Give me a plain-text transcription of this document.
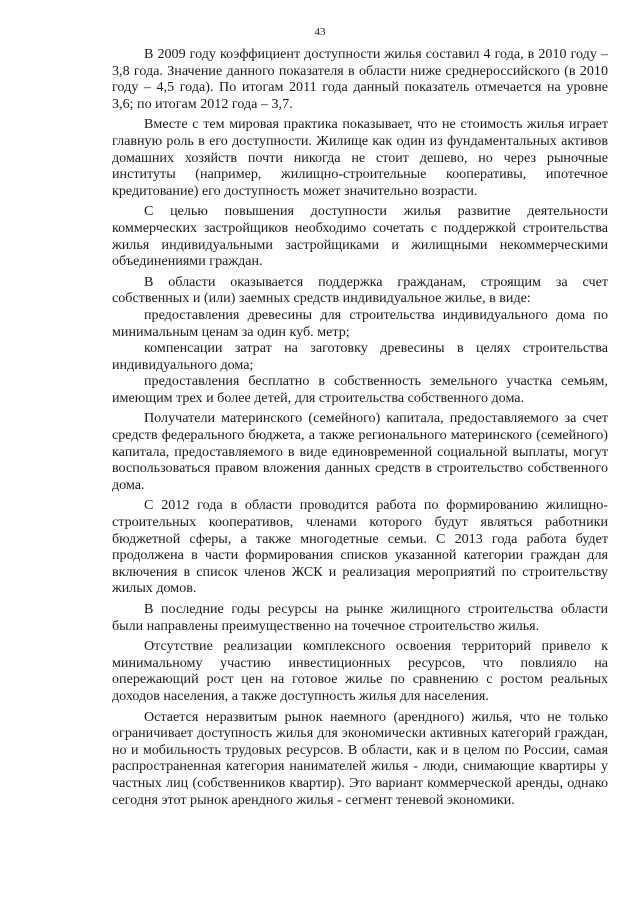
43

В 2009 году коэффициент доступности жилья составил 4 года, в 2010 году – 3,8 года. Значение данного показателя в области ниже среднероссийского (в 2010 году – 4,5 года). По итогам 2011 года данный показатель отмечается на уровне 3,6; по итогам 2012 года – 3,7.

Вместе с тем мировая практика показывает, что не стоимость жилья играет главную роль в его доступности. Жилище как один из фундаментальных активов домашних хозяйств почти никогда не стоит дешево, но через рыночные институты (например, жилищно-строительные кооперативы, ипотечное кредитование) его доступность может значительно возрасти.

С целью повышения доступности жилья развитие деятельности коммерческих застройщиков необходимо сочетать с поддержкой строительства жилья индивидуальными застройщиками и жилищными некоммерческими объединениями граждан.

В области оказывается поддержка гражданам, строящим за счет собственных и (или) заемных средств индивидуальное жилье, в виде:

предоставления древесины для строительства индивидуального дома по минимальным ценам за один куб. метр;

компенсации затрат на заготовку древесины в целях строительства индивидуального дома;

предоставления бесплатно в собственность земельного участка семьям, имеющим трех и более детей, для строительства собственного дома.

Получатели материнского (семейного) капитала, предоставляемого за счет средств федерального бюджета, а также регионального материнского (семейного) капитала, предоставляемого в виде единовременной социальной выплаты, могут воспользоваться правом вложения данных средств в строительство собственного дома.

С 2012 года в области проводится работа по формированию жилищно-строительных кооперативов, членами которого будут являться работники бюджетной сферы, а также многодетные семьи. С 2013 года работа будет продолжена в части формирования списков указанной категории граждан для включения в список членов ЖСК и реализация мероприятий по строительству жилых домов.

В последние годы ресурсы на рынке жилищного строительства области были направлены преимущественно на точечное строительство жилья.

Отсутствие реализации комплексного освоения территорий привело к минимальному участию инвестиционных ресурсов, что повлияло на опережающий рост цен на готовое жилье по сравнению с ростом реальных доходов населения, а также доступность жилья для населения.

Остается неразвитым рынок наемного (арендного) жилья, что не только ограничивает доступность жилья для экономически активных категорий граждан, но и мобильность трудовых ресурсов. В области, как и в целом по России, самая распространенная категория нанимателей жилья - люди, снимающие квартиры у частных лиц (собственников квартир). Это вариант коммерческой аренды, однако сегодня этот рынок арендного жилья - сегмент теневой экономики.
